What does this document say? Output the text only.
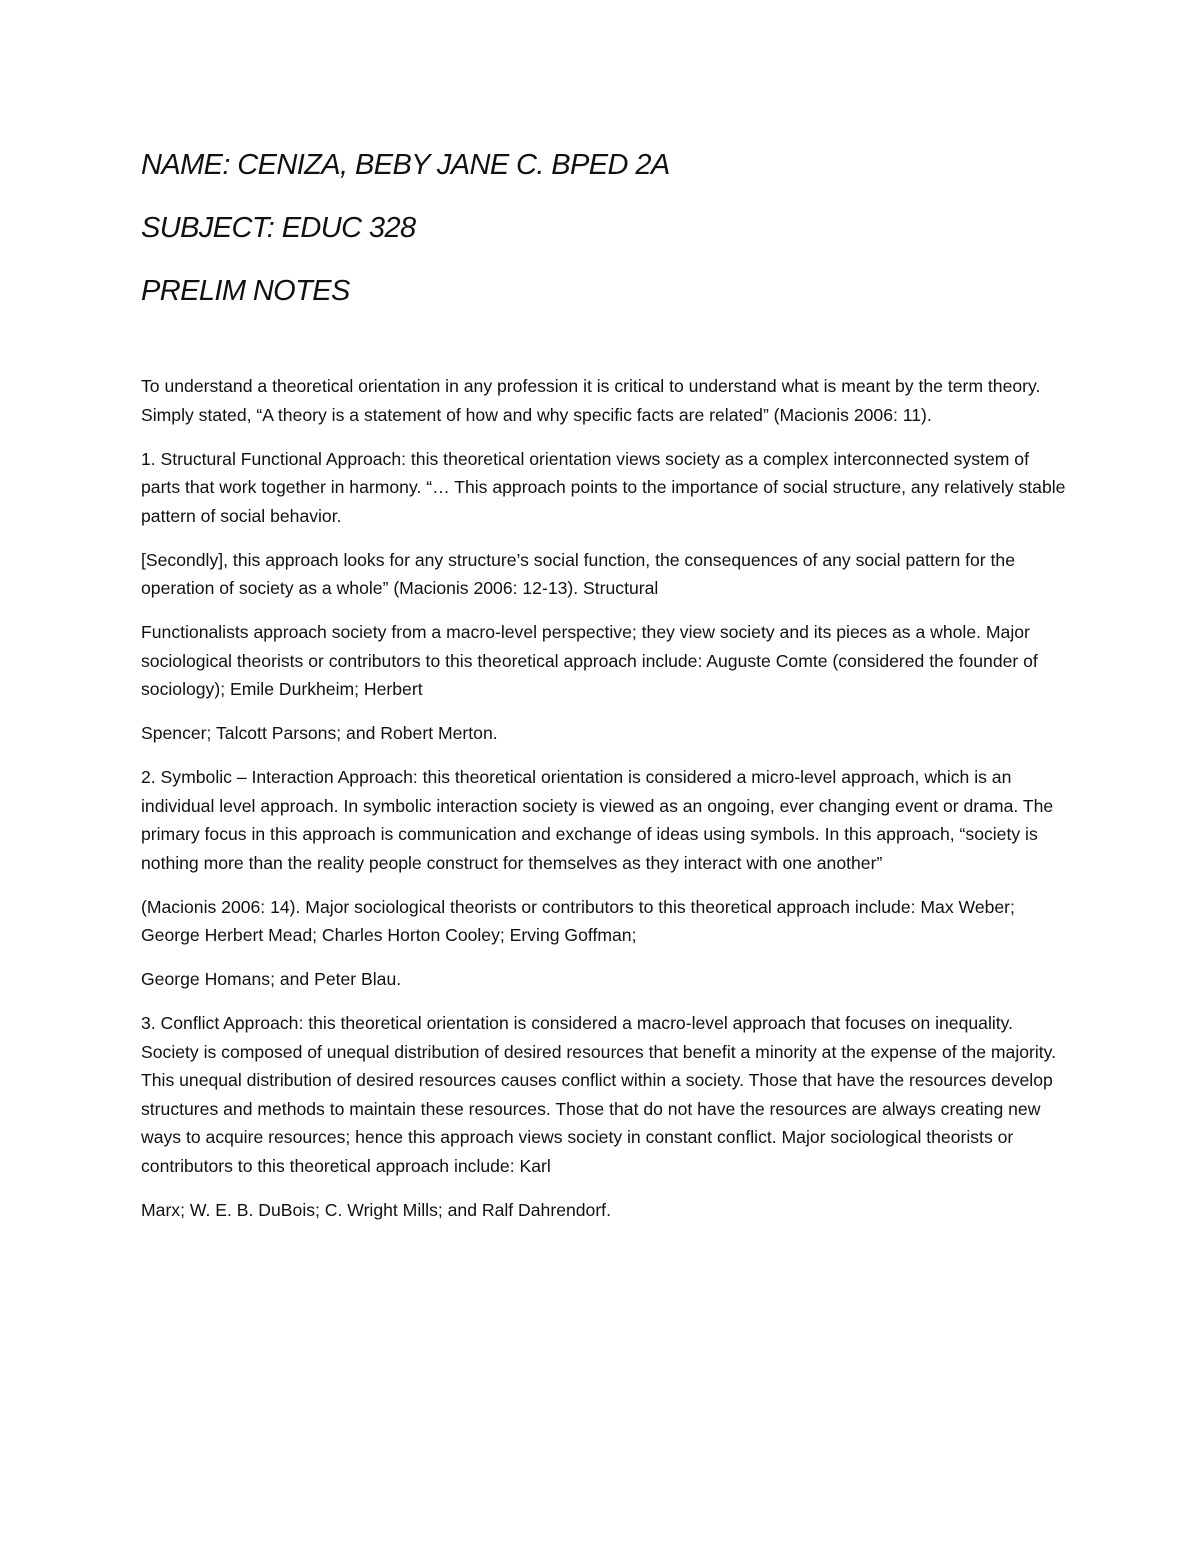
NAME: CENIZA, BEBY JANE C. BPED 2A
SUBJECT: EDUC 328
PRELIM NOTES

To understand a theoretical orientation in any profession it is critical to understand what is meant by the term theory. Simply stated, “A theory is a statement of how and why specific facts are related” (Macionis 2006: 11).

1. Structural Functional Approach: this theoretical orientation views society as a complex interconnected system of parts that work together in harmony. “… This approach points to the importance of social structure, any relatively stable pattern of social behavior.

[Secondly], this approach looks for any structure’s social function, the consequences of any social pattern for the operation of society as a whole” (Macionis 2006: 12-13). Structural

Functionalists approach society from a macro-level perspective; they view society and its pieces as a whole. Major sociological theorists or contributors to this theoretical approach include: Auguste Comte (considered the founder of sociology); Emile Durkheim; Herbert

Spencer; Talcott Parsons; and Robert Merton.

2. Symbolic – Interaction Approach: this theoretical orientation is considered a micro-level approach, which is an individual level approach. In symbolic interaction society is viewed as an ongoing, ever changing event or drama. The primary focus in this approach is communication and exchange of ideas using symbols. In this approach, “society is nothing more than the reality people construct for themselves as they interact with one another”

(Macionis 2006: 14). Major sociological theorists or contributors to this theoretical approach include: Max Weber; George Herbert Mead; Charles Horton Cooley; Erving Goffman;

George Homans; and Peter Blau.

3. Conflict Approach: this theoretical orientation is considered a macro-level approach that focuses on inequality. Society is composed of unequal distribution of desired resources that benefit a minority at the expense of the majority. This unequal distribution of desired resources causes conflict within a society. Those that have the resources develop structures and methods to maintain these resources. Those that do not have the resources are always creating new ways to acquire resources; hence this approach views society in constant conflict. Major sociological theorists or contributors to this theoretical approach include: Karl

Marx; W. E. B. DuBois; C. Wright Mills; and Ralf Dahrendorf.
